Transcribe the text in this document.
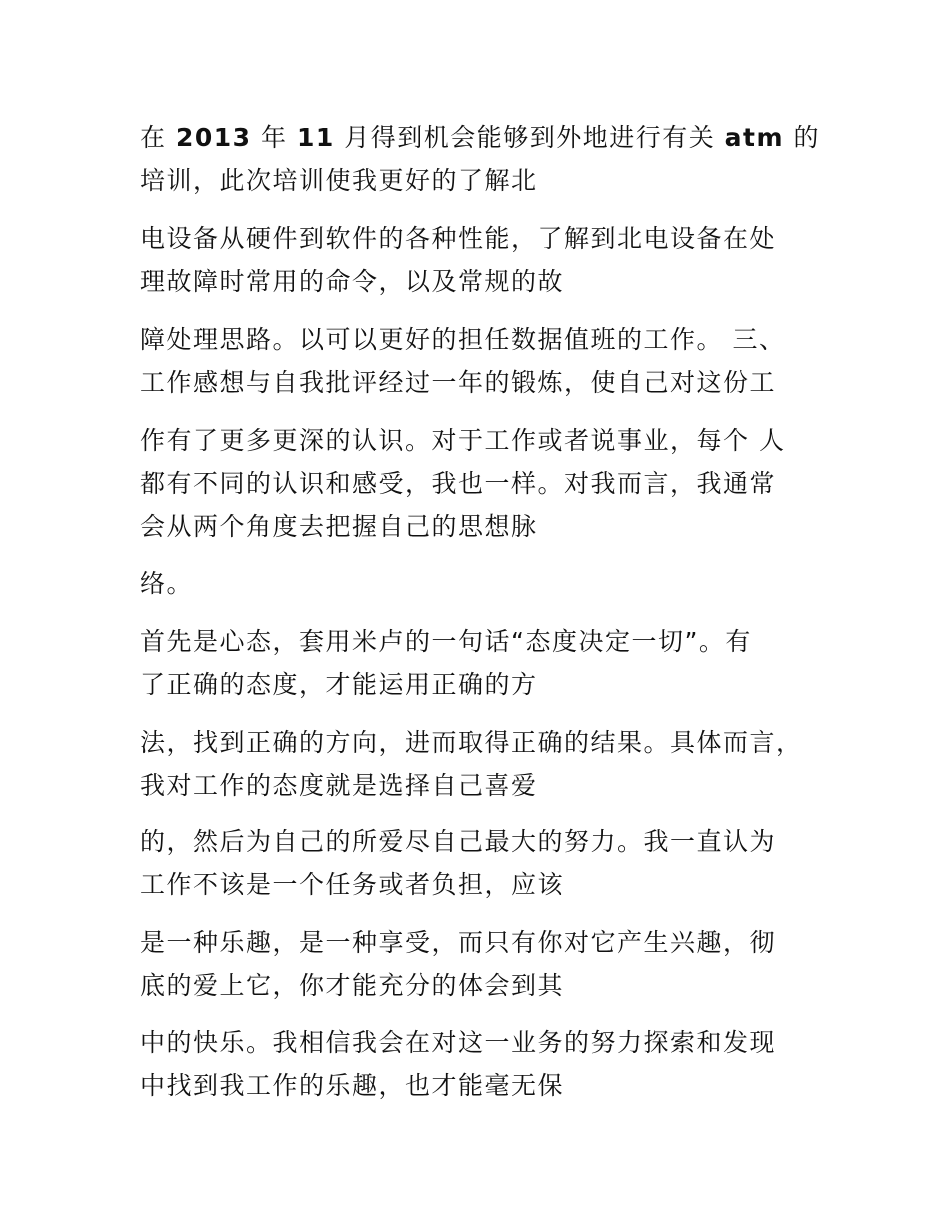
在 2013 年 11 月得到机会能够到外地进行有关 atm 的
培训，此次培训使我更好的了解北
电设备从硬件到软件的各种性能，了解到北电设备在处
理故障时常用的命令，以及常规的故
障处理思路。以可以更好的担任数据值班的工作。 三、
工作感想与自我批评经过一年的锻炼，使自己对这份工
作有了更多更深的认识。对于工作或者说事业，每个 人
都有不同的认识和感受，我也一样。对我而言，我通常
会从两个角度去把握自己的思想脉
络。
首先是心态，套用米卢的一句话“态度决定一切”。有
了正确的态度，才能运用正确的方
法，找到正确的方向，进而取得正确的结果。具体而言，
我对工作的态度就是选择自己喜爱
的，然后为自己的所爱尽自己最大的努力。我一直认为
工作不该是一个任务或者负担，应该
是一种乐趣，是一种享受，而只有你对它产生兴趣，彻
底的爱上它，你才能充分的体会到其
中的快乐。我相信我会在对这一业务的努力探索和发现
中找到我工作的乐趣，也才能毫无保
